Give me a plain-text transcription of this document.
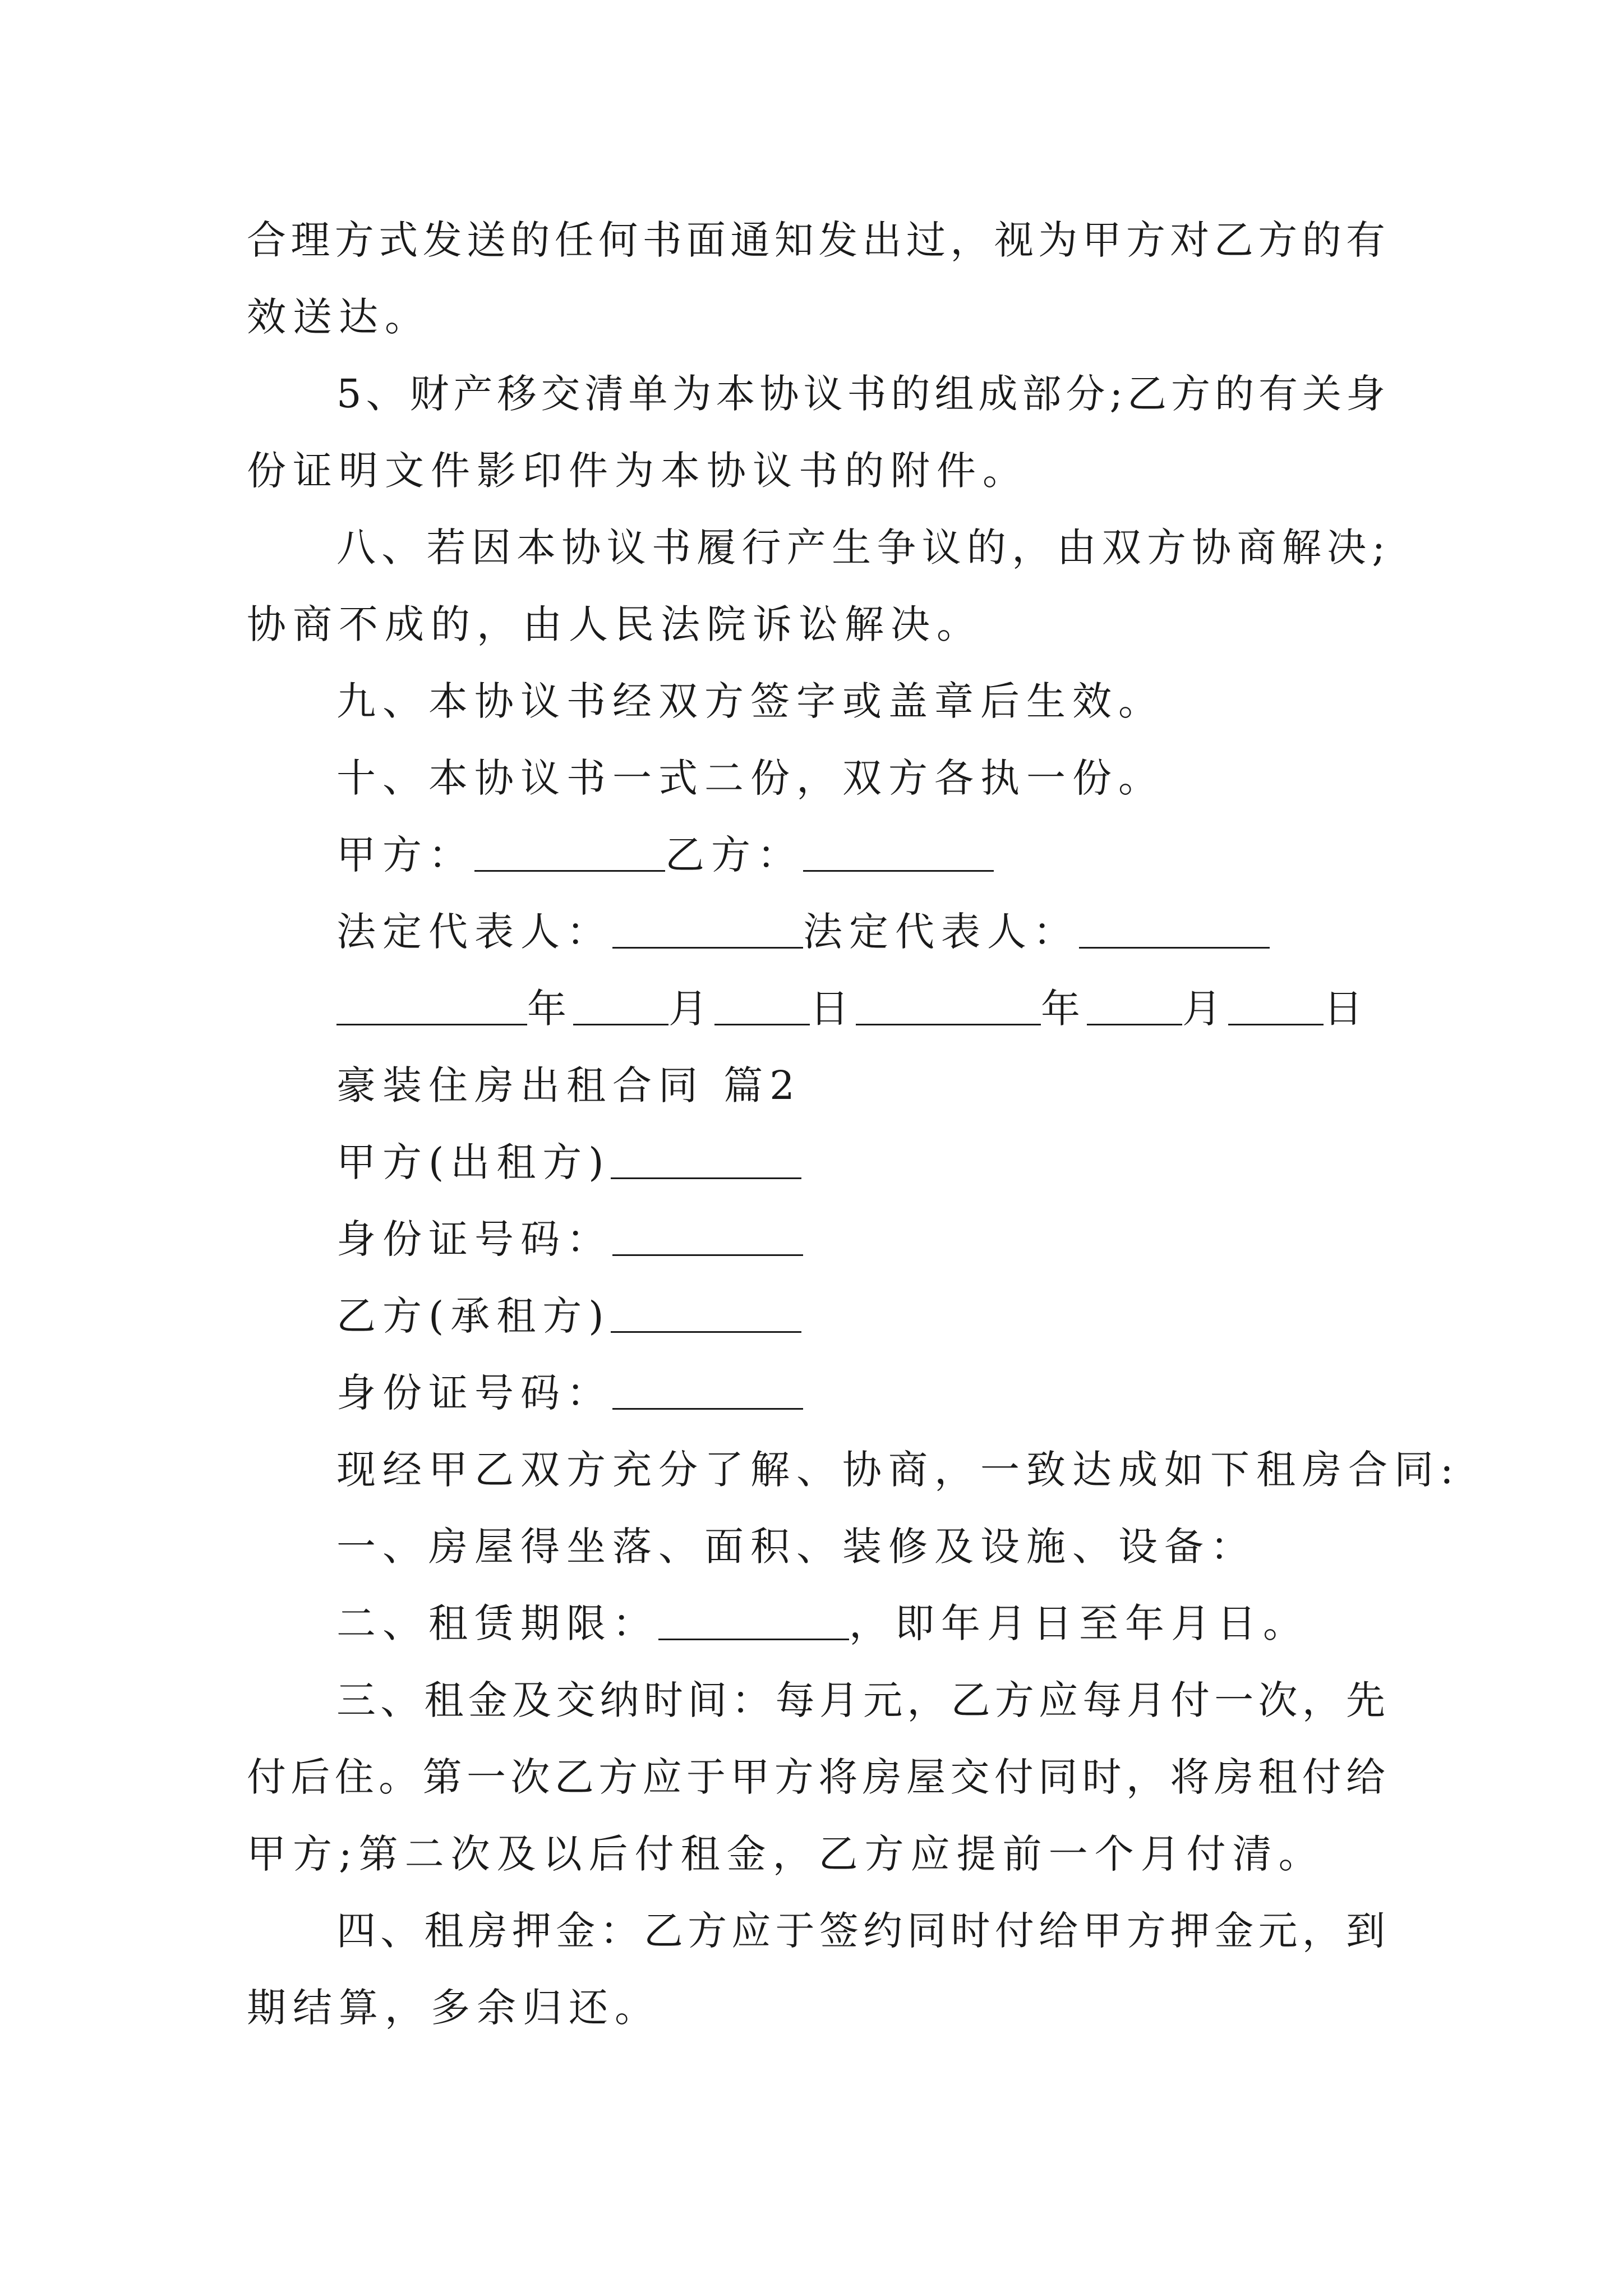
合理方式发送的任何书面通知发出过，视为甲方对乙方的有
效送达。
5、财产移交清单为本协议书的组成部分;乙方的有关身
份证明文件影印件为本协议书的附件。
八、若因本协议书履行产生争议的，由双方协商解决;
协商不成的，由人民法院诉讼解决。
九、本协议书经双方签字或盖章后生效。
十、本协议书一式二份，双方各执一份。
甲方：	乙方：
法定代表人：	法定代表人：
年 月 日	年 月 日
豪装住房出租合同 篇2
甲方(出租方)
身份证号码：
乙方(承租方)
身份证号码：
现经甲乙双方充分了解、协商，一致达成如下租房合同:
一、房屋得坐落、面积、装修及设施、设备：
二、租赁期限：	，即年月日至年月日。
三、租金及交纳时间：每月元，乙方应每月付一次，先
付后住。第一次乙方应于甲方将房屋交付同时，将房租付给
甲方;第二次及以后付租金，乙方应提前一个月付清。
四、租房押金：乙方应于签约同时付给甲方押金元，到
期结算，多余归还。
